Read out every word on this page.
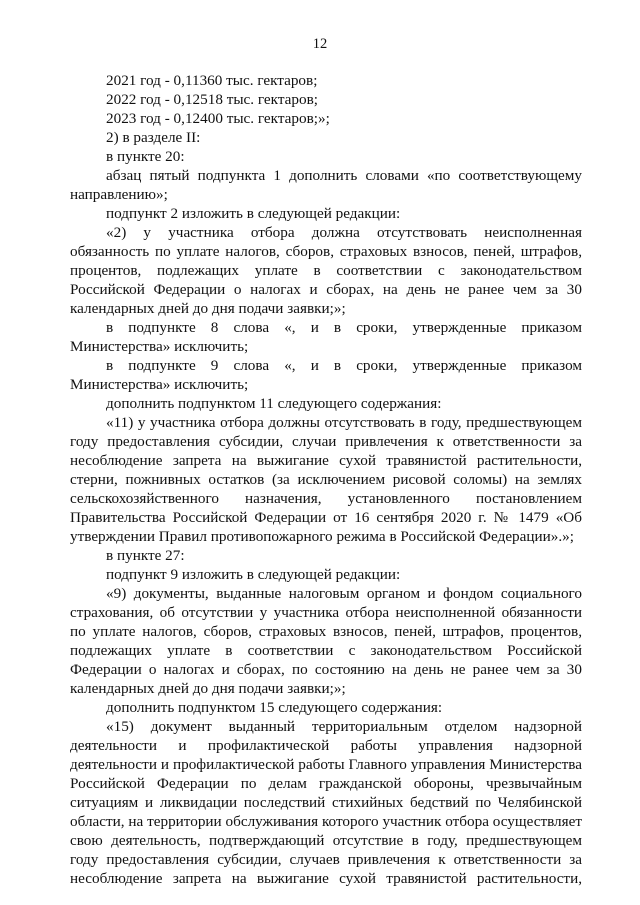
12

2021 год - 0,11360 тыс. гектаров;

2022 год - 0,12518 тыс. гектаров;

2023 год - 0,12400 тыс. гектаров;»;

2) в разделе II:

в пункте 20:

абзац пятый подпункта 1 дополнить словами «по соответствующему направлению»;

подпункт 2 изложить в следующей редакции:

«2) у участника отбора должна отсутствовать неисполненная обязанность по уплате налогов, сборов, страховых взносов, пеней, штрафов, процентов, подлежащих уплате в соответствии с законодательством Российской Федерации о налогах и сборах, на день не ранее чем за 30 календарных дней до дня подачи заявки;»;

в подпункте 8 слова «, и в сроки, утвержденные приказом Министерства» исключить;

в подпункте 9 слова «, и в сроки, утвержденные приказом Министерства» исключить;

дополнить подпунктом 11 следующего содержания:

«11) у участника отбора должны отсутствовать в году, предшествующем году предоставления субсидии, случаи привлечения к ответственности за несоблюдение запрета на выжигание сухой травянистой растительности, стерни, пожнивных остатков (за исключением рисовой соломы) на землях сельскохозяйственного назначения, установленного постановлением Правительства Российской Федерации от 16 сентября 2020 г. № 1479 «Об утверждении Правил противопожарного режима в Российской Федерации».»;

в пункте 27:

подпункт 9 изложить в следующей редакции:

«9) документы, выданные налоговым органом и фондом социального страхования, об отсутствии у участника отбора неисполненной обязанности по уплате налогов, сборов, страховых взносов, пеней, штрафов, процентов, подлежащих уплате в соответствии с законодательством Российской Федерации о налогах и сборах, по состоянию на день не ранее чем за 30 календарных дней до дня подачи заявки;»;

дополнить подпунктом 15 следующего содержания:

«15) документ выданный территориальным отделом надзорной деятельности и профилактической работы управления надзорной деятельности и профилактической работы Главного управления Министерства Российской Федерации по делам гражданской обороны, чрезвычайным ситуациям и ликвидации последствий стихийных бедствий по Челябинской области, на территории обслуживания которого участник отбора осуществляет свою деятельность, подтверждающий отсутствие в году, предшествующем году предоставления субсидии, случаев привлечения к ответственности за несоблюдение запрета на выжигание сухой травянистой растительности,
